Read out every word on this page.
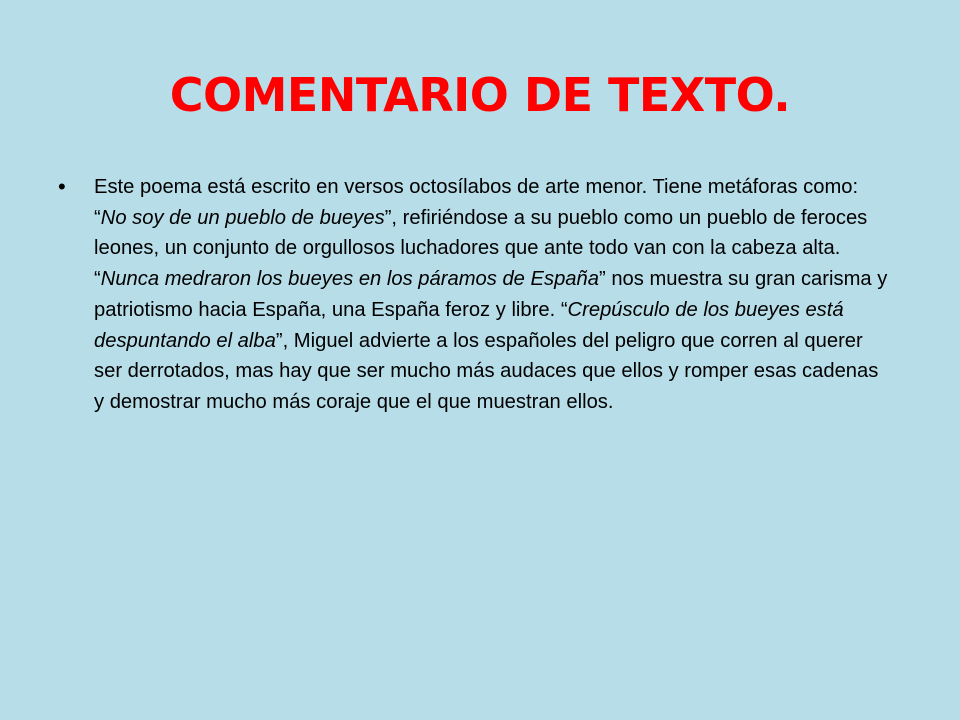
COMENTARIO DE TEXTO.
•	Este poema está escrito en versos octosílabos de arte menor. Tiene metáforas como: “No soy de un pueblo de bueyes”, refiriéndose a su pueblo como un pueblo de feroces leones, un conjunto de orgullosos luchadores que ante todo van con la cabeza alta. “Nunca medraron los bueyes en los páramos de España” nos muestra su gran carisma y patriotismo hacia España, una España feroz y libre. “Crepúsculo de los bueyes está despuntando el alba”, Miguel advierte a los españoles del peligro que corren al querer ser derrotados, mas hay que ser mucho más audaces que ellos y romper esas cadenas y demostrar mucho más coraje que el que muestran ellos.
